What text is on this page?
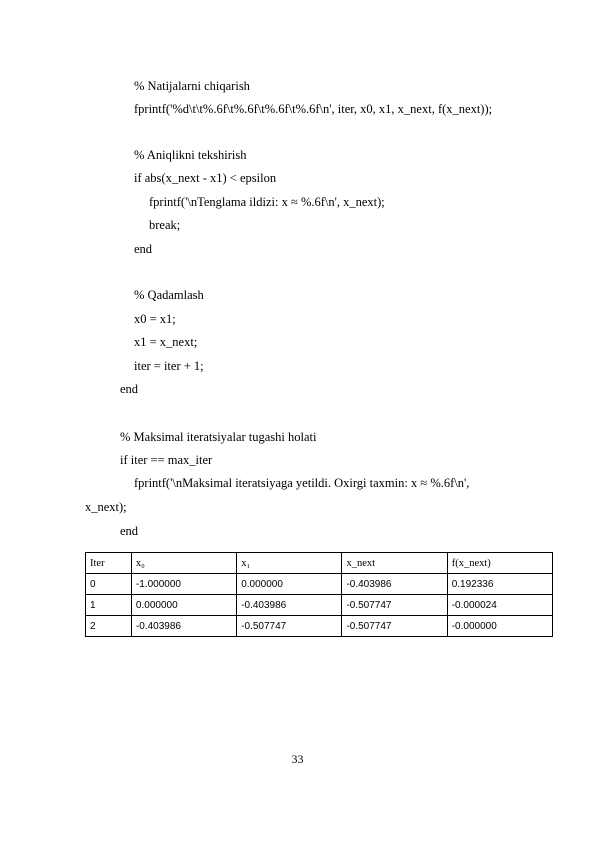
% Natijalarni chiqarish
fprintf('%d\t\t%.6f\t%.6f\t%.6f\t%.6f\n', iter, x0, x1, x_next, f(x_next));
% Aniqlikni tekshirish
if abs(x_next - x1) < epsilon
fprintf('\nTenglama ildizi: x ≈ %.6f\n', x_next);
break;
end
% Qadamlash
x0 = x1;
x1 = x_next;
iter = iter + 1;
end
% Maksimal iteratsiyalar tugashi holati
if iter == max_iter
fprintf('\nMaksimal iteratsiyaga yetildi. Oxirgi taxmin: x ≈ %.6f\n',
x_next);
end
Iter	x₀	x₁	x_next	f(x_next)
0	-1.000000	0.000000	-0.403986	0.192336
1	0.000000	-0.403986	-0.507747	-0.000024
2	-0.403986	-0.507747	-0.507747	-0.000000
33
